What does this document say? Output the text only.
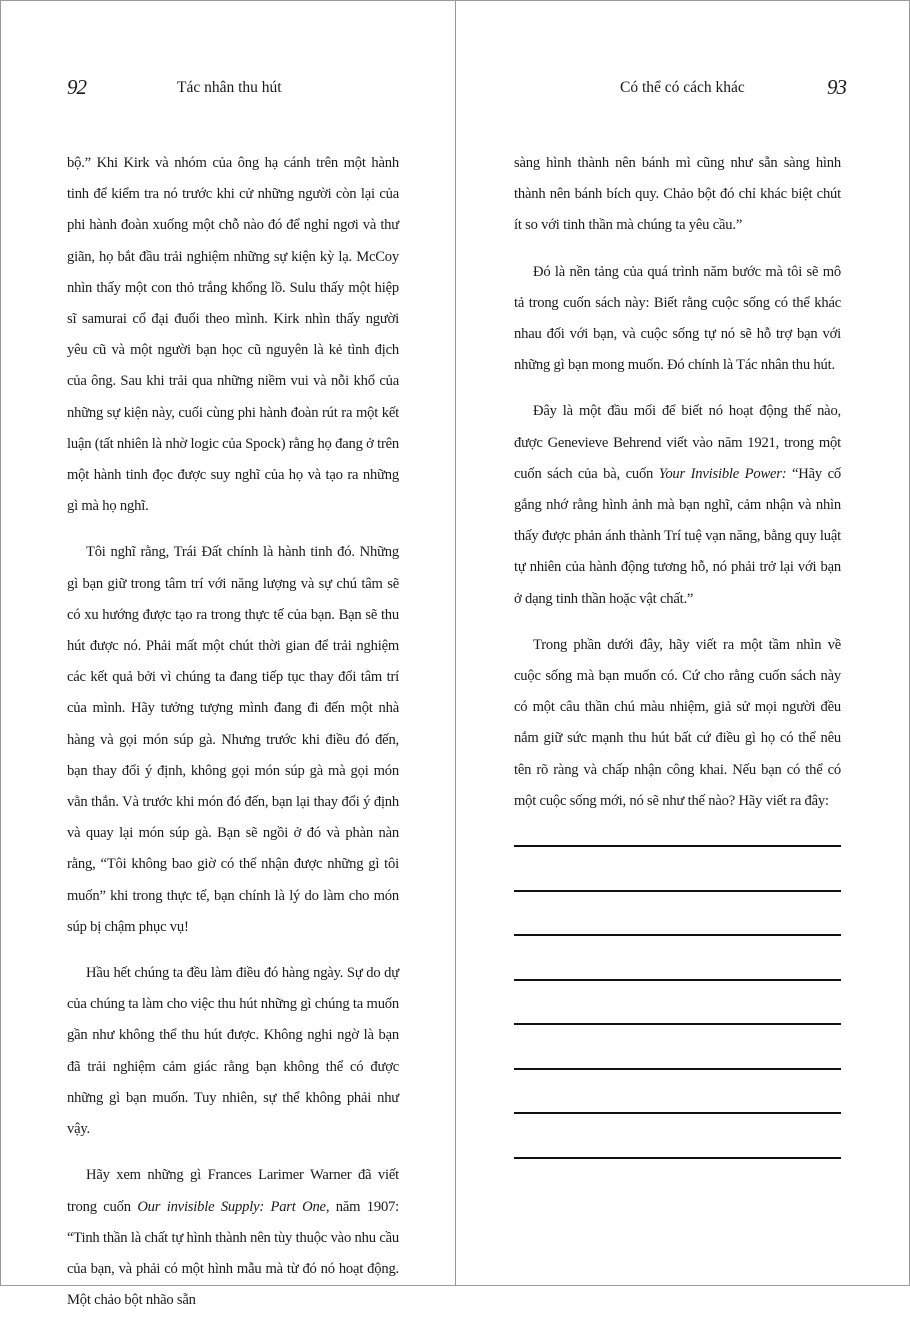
92	Tác nhân thu hút

bộ.” Khi Kirk và nhóm của ông hạ cánh trên một hành tinh để kiểm tra nó trước khi cử những người còn lại của phi hành đoàn xuống một chỗ nào đó để nghỉ ngơi và thư giãn, họ bắt đầu trải nghiệm những sự kiện kỳ lạ. McCoy nhìn thấy một con thỏ trắng khổng lồ. Sulu thấy một hiệp sĩ samurai cổ đại đuổi theo mình. Kirk nhìn thấy người yêu cũ và một người bạn học cũ nguyên là kẻ tình địch của ông. Sau khi trải qua những niềm vui và nỗi khổ của những sự kiện này, cuối cùng phi hành đoàn rút ra một kết luận (tất nhiên là nhờ logic của Spock) rằng họ đang ở trên một hành tinh đọc được suy nghĩ của họ và tạo ra những gì mà họ nghĩ.

Tôi nghĩ rằng, Trái Đất chính là hành tinh đó. Những gì bạn giữ trong tâm trí với năng lượng và sự chú tâm sẽ có xu hướng được tạo ra trong thực tế của bạn. Bạn sẽ thu hút được nó. Phải mất một chút thời gian để trải nghiệm các kết quả bởi vì chúng ta đang tiếp tục thay đổi tâm trí của mình. Hãy tưởng tượng mình đang đi đến một nhà hàng và gọi món súp gà. Nhưng trước khi điều đó đến, bạn thay đổi ý định, không gọi món súp gà mà gọi món vằn thắn. Và trước khi món đó đến, bạn lại thay đổi ý định và quay lại món súp gà. Bạn sẽ ngồi ở đó và phàn nàn rằng, “Tôi không bao giờ có thể nhận được những gì tôi muốn” khi trong thực tế, bạn chính là lý do làm cho món súp bị chậm phục vụ!

Hầu hết chúng ta đều làm điều đó hàng ngày. Sự do dự của chúng ta làm cho việc thu hút những gì chúng ta muốn gần như không thể thu hút được. Không nghi ngờ là bạn đã trải nghiệm cảm giác rằng bạn không thể có được những gì bạn muốn. Tuy nhiên, sự thể không phải như vậy.

Hãy xem những gì Frances Larimer Warner đã viết trong cuốn Our invisible Supply: Part One, năm 1907: “Tinh thần là chất tự hình thành nên tùy thuộc vào nhu cầu của bạn, và phải có một hình mẫu mà từ đó nó hoạt động. Một chảo bột nhão sẵn

93
Có thể có cách khác

sàng hình thành nên bánh mì cũng như sẵn sàng hình thành nên bánh bích quy. Chảo bột đó chỉ khác biệt chút ít so với tinh thần mà chúng ta yêu cầu.”

Đó là nền tảng của quá trình năm bước mà tôi sẽ mô tả trong cuốn sách này: Biết rằng cuộc sống có thể khác nhau đối với bạn, và cuộc sống tự nó sẽ hỗ trợ bạn với những gì bạn mong muốn. Đó chính là Tác nhân thu hút.

Đây là một đầu mối để biết nó hoạt động thế nào, được Genevieve Behrend viết vào năm 1921, trong một cuốn sách của bà, cuốn Your Invisible Power: “Hãy cố gắng nhớ rằng hình ảnh mà bạn nghĩ, cảm nhận và nhìn thấy được phản ánh thành Trí tuệ vạn năng, bằng quy luật tự nhiên của hành động tương hỗ, nó phải trở lại với bạn ở dạng tinh thần hoặc vật chất.”

Trong phần dưới đây, hãy viết ra một tầm nhìn về cuộc sống mà bạn muốn có. Cứ cho rằng cuốn sách này có một câu thần chú màu nhiệm, giả sử mọi người đều nắm giữ sức mạnh thu hút bất cứ điều gì họ có thể nêu tên rõ ràng và chấp nhận công khai. Nếu bạn có thể có một cuộc sống mới, nó sẽ như thế nào? Hãy viết ra đây:
